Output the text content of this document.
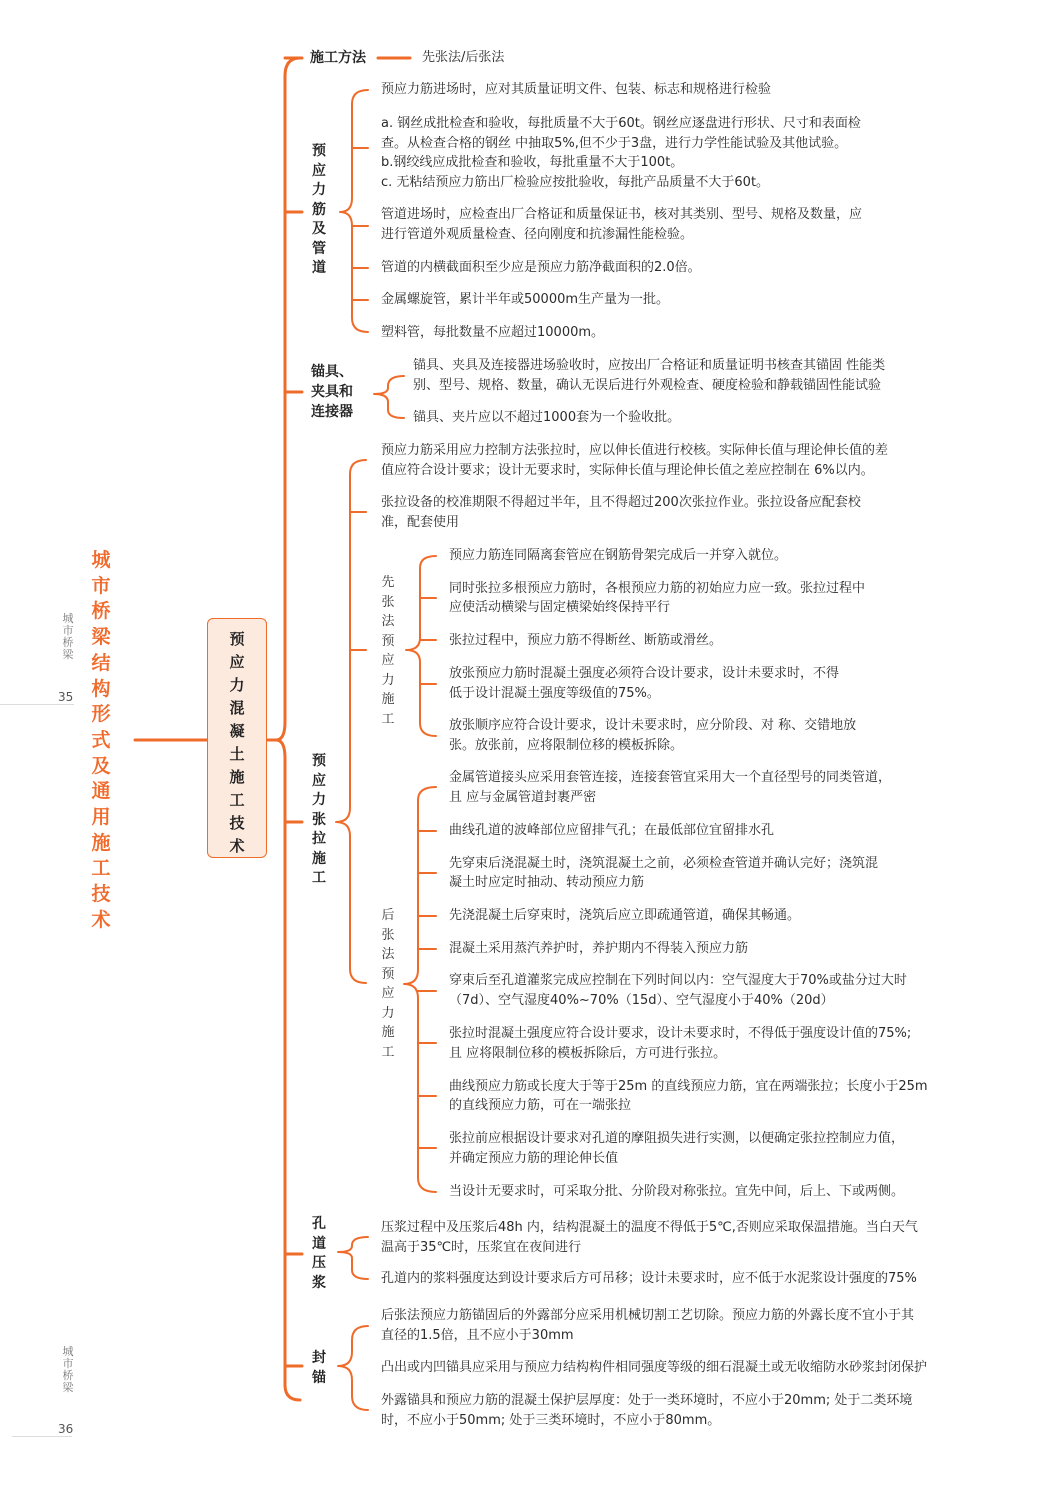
城市桥梁
35
城市桥梁
36
城市桥梁结构形式及通用施工技术
预应力混凝土施工技术
施工方法	先张法/后张法
预应力筋及管道
预应力筋进场时，应对其质量证明文件、包装、标志和规格进行检验
a. 钢丝成批检查和验收，每批质量不大于60t。钢丝应逐盘进行形状、尺寸和表面检
查。从检查合格的钢丝 中抽取5%,但不少于3盘，进行力学性能试验及其他试验。
b.钢绞线应成批检查和验收，每批重量不大于100t。
c. 无粘结预应力筋出厂检验应按批验收，每批产品质量不大于60t。
管道进场时，应检查出厂合格证和质量保证书，核对其类别、型号、规格及数量，应
进行管道外观质量检查、径向刚度和抗渗漏性能检验。
管道的内横截面积至少应是预应力筋净截面积的2.0倍。
金属螺旋管，累计半年或50000m生产量为一批。
塑料管，每批数量不应超过10000m。
锚具、
夹具和
连接器
锚具、夹具及连接器进场验收时，应按出厂合格证和质量证明书核查其锚固 性能类
别、型号、规格、数量，确认无误后进行外观检查、硬度检验和静载锚固性能试验
锚具、夹片应以不超过1000套为一个验收批。
预应力张拉施工
预应力筋采用应力控制方法张拉时，应以伸长值进行校核。实际伸长值与理论伸长值的差
值应符合设计要求；设计无要求时，实际伸长值与理论伸长值之差应控制在 6%以内。
张拉设备的校准期限不得超过半年，且不得超过200次张拉作业。张拉设备应配套校
准，配套使用
先张法预应力施工
预应力筋连同隔离套管应在钢筋骨架完成后一并穿入就位。
同时张拉多根预应力筋时，各根预应力筋的初始应力应一致。张拉过程中
应使活动横梁与固定横梁始终保持平行
张拉过程中，预应力筋不得断丝、断筋或滑丝。
放张预应力筋时混凝土强度必须符合设计要求，设计未要求时，不得
低于设计混凝土强度等级值的75%。
放张顺序应符合设计要求，设计未要求时，应分阶段、对 称、交错地放
张。放张前，应将限制位移的模板拆除。
后张法预应力施工
金属管道接头应采用套管连接，连接套管宜采用大一个直径型号的同类管道，
且 应与金属管道封裹严密
曲线孔道的波峰部位应留排气孔；在最低部位宜留排水孔
先穿束后浇混凝土时，浇筑混凝土之前，必须检查管道并确认完好；浇筑混
凝土时应定时抽动、转动预应力筋
先浇混凝土后穿束时，浇筑后应立即疏通管道，确保其畅通。
混凝土采用蒸汽养护时，养护期内不得装入预应力筋
穿束后至孔道灌浆完成应控制在下列时间以内：空气湿度大于70%或盐分过大时
（7d）、空气湿度40%~70%（15d）、空气湿度小于40%（20d）
张拉时混凝土强度应符合设计要求，设计未要求时，不得低于强度设计值的75%;
且 应将限制位移的模板拆除后，方可进行张拉。
曲线预应力筋或长度大于等于25m 的直线预应力筋，宜在两端张拉；长度小于25m
的直线预应力筋，可在一端张拉
张拉前应根据设计要求对孔道的摩阻损失进行实测，以便确定张拉控制应力值，
并确定预应力筋的理论伸长值
当设计无要求时，可采取分批、分阶段对称张拉。宜先中间，后上、下或两侧。
孔道压浆
压浆过程中及压浆后48h 内，结构混凝土的温度不得低于5℃,否则应采取保温措施。当白天气
温高于35℃时，压浆宜在夜间进行
孔道内的浆料强度达到设计要求后方可吊移；设计未要求时，应不低于水泥浆设计强度的75%
封锚
后张法预应力筋锚固后的外露部分应采用机械切割工艺切除。预应力筋的外露长度不宜小于其
直径的1.5倍，且不应小于30mm
凸出或内凹锚具应采用与预应力结构构件相同强度等级的细石混凝土或无收缩防水砂浆封闭保护
外露锚具和预应力筋的混凝土保护层厚度：处于一类环境时，不应小于20mm; 处于二类环境
时，不应小于50mm; 处于三类环境时，不应小于80mm。
